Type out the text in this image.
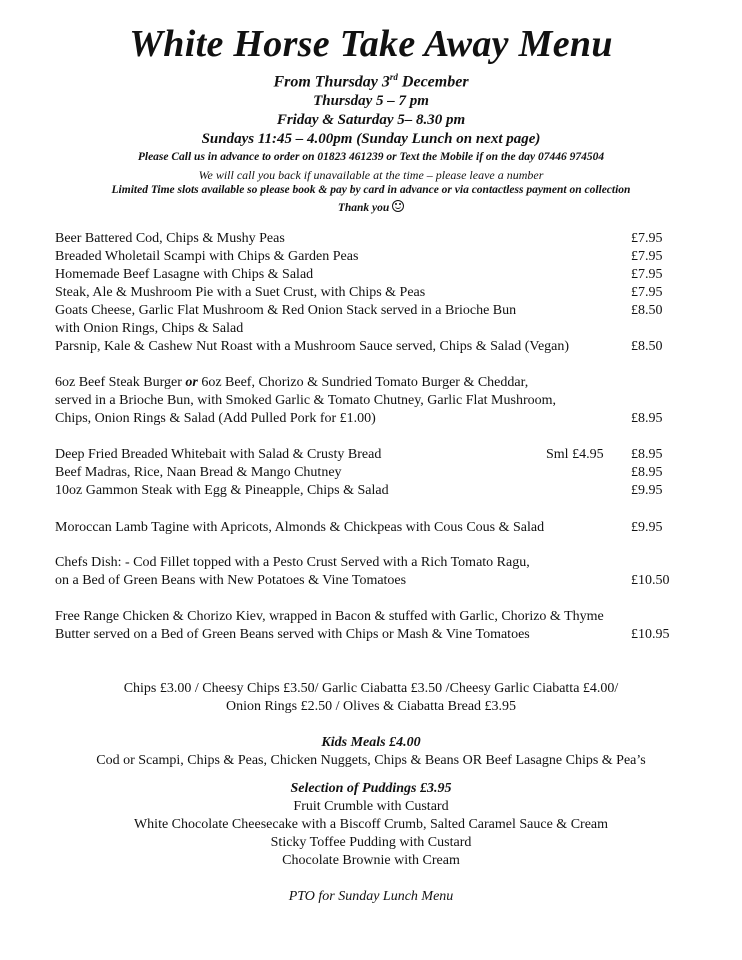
White Horse Take Away Menu
From Thursday 3rd December
Thursday 5 – 7 pm
Friday & Saturday 5– 8.30 pm
Sundays 11:45 – 4.00pm (Sunday Lunch on next page)
Please Call us in advance to order on 01823 461239 or Text the Mobile if on the day 07446 974504
We will call you back if unavailable at the time – please leave a number
Limited Time slots available so please book & pay by card in advance or via contactless payment on collection
Thank you
Beer Battered Cod, Chips & Mushy Peas	£7.95
Breaded Wholetail Scampi with Chips & Garden Peas	£7.95
Homemade Beef Lasagne with Chips & Salad	£7.95
Steak, Ale & Mushroom Pie with a Suet Crust, with Chips & Peas	£7.95
Goats Cheese, Garlic Flat Mushroom & Red Onion Stack served in a Brioche Bun	£8.50
with Onion Rings, Chips & Salad
Parsnip, Kale & Cashew Nut Roast with a Mushroom Sauce served, Chips & Salad (Vegan)	£8.50
6oz Beef Steak Burger or 6oz Beef, Chorizo & Sundried Tomato Burger & Cheddar,
served in a Brioche Bun, with Smoked Garlic & Tomato Chutney, Garlic Flat Mushroom,
Chips, Onion Rings & Salad (Add Pulled Pork for £1.00)	£8.95
Deep Fried Breaded Whitebait with Salad & Crusty Bread	Sml £4.95 £8.95
Beef Madras, Rice, Naan Bread & Mango Chutney	£8.95
10oz Gammon Steak with Egg & Pineapple, Chips & Salad	£9.95
Moroccan Lamb Tagine with Apricots, Almonds & Chickpeas with Cous Cous & Salad	£9.95
Chefs Dish: - Cod Fillet topped with a Pesto Crust Served with a Rich Tomato Ragu,
on a Bed of Green Beans with New Potatoes & Vine Tomatoes	£10.50
Free Range Chicken & Chorizo Kiev, wrapped in Bacon & stuffed with Garlic, Chorizo & Thyme
Butter served on a Bed of Green Beans served with Chips or Mash & Vine Tomatoes	£10.95
Chips £3.00 / Cheesy Chips £3.50/ Garlic Ciabatta £3.50 /Cheesy Garlic Ciabatta £4.00/
Onion Rings £2.50 / Olives & Ciabatta Bread £3.95
Kids Meals £4.00
Cod or Scampi, Chips & Peas, Chicken Nuggets, Chips & Beans OR Beef Lasagne Chips & Pea’s
Selection of Puddings £3.95
Fruit Crumble with Custard
White Chocolate Cheesecake with a Biscoff Crumb, Salted Caramel Sauce & Cream
Sticky Toffee Pudding with Custard
Chocolate Brownie with Cream
PTO for Sunday Lunch Menu
